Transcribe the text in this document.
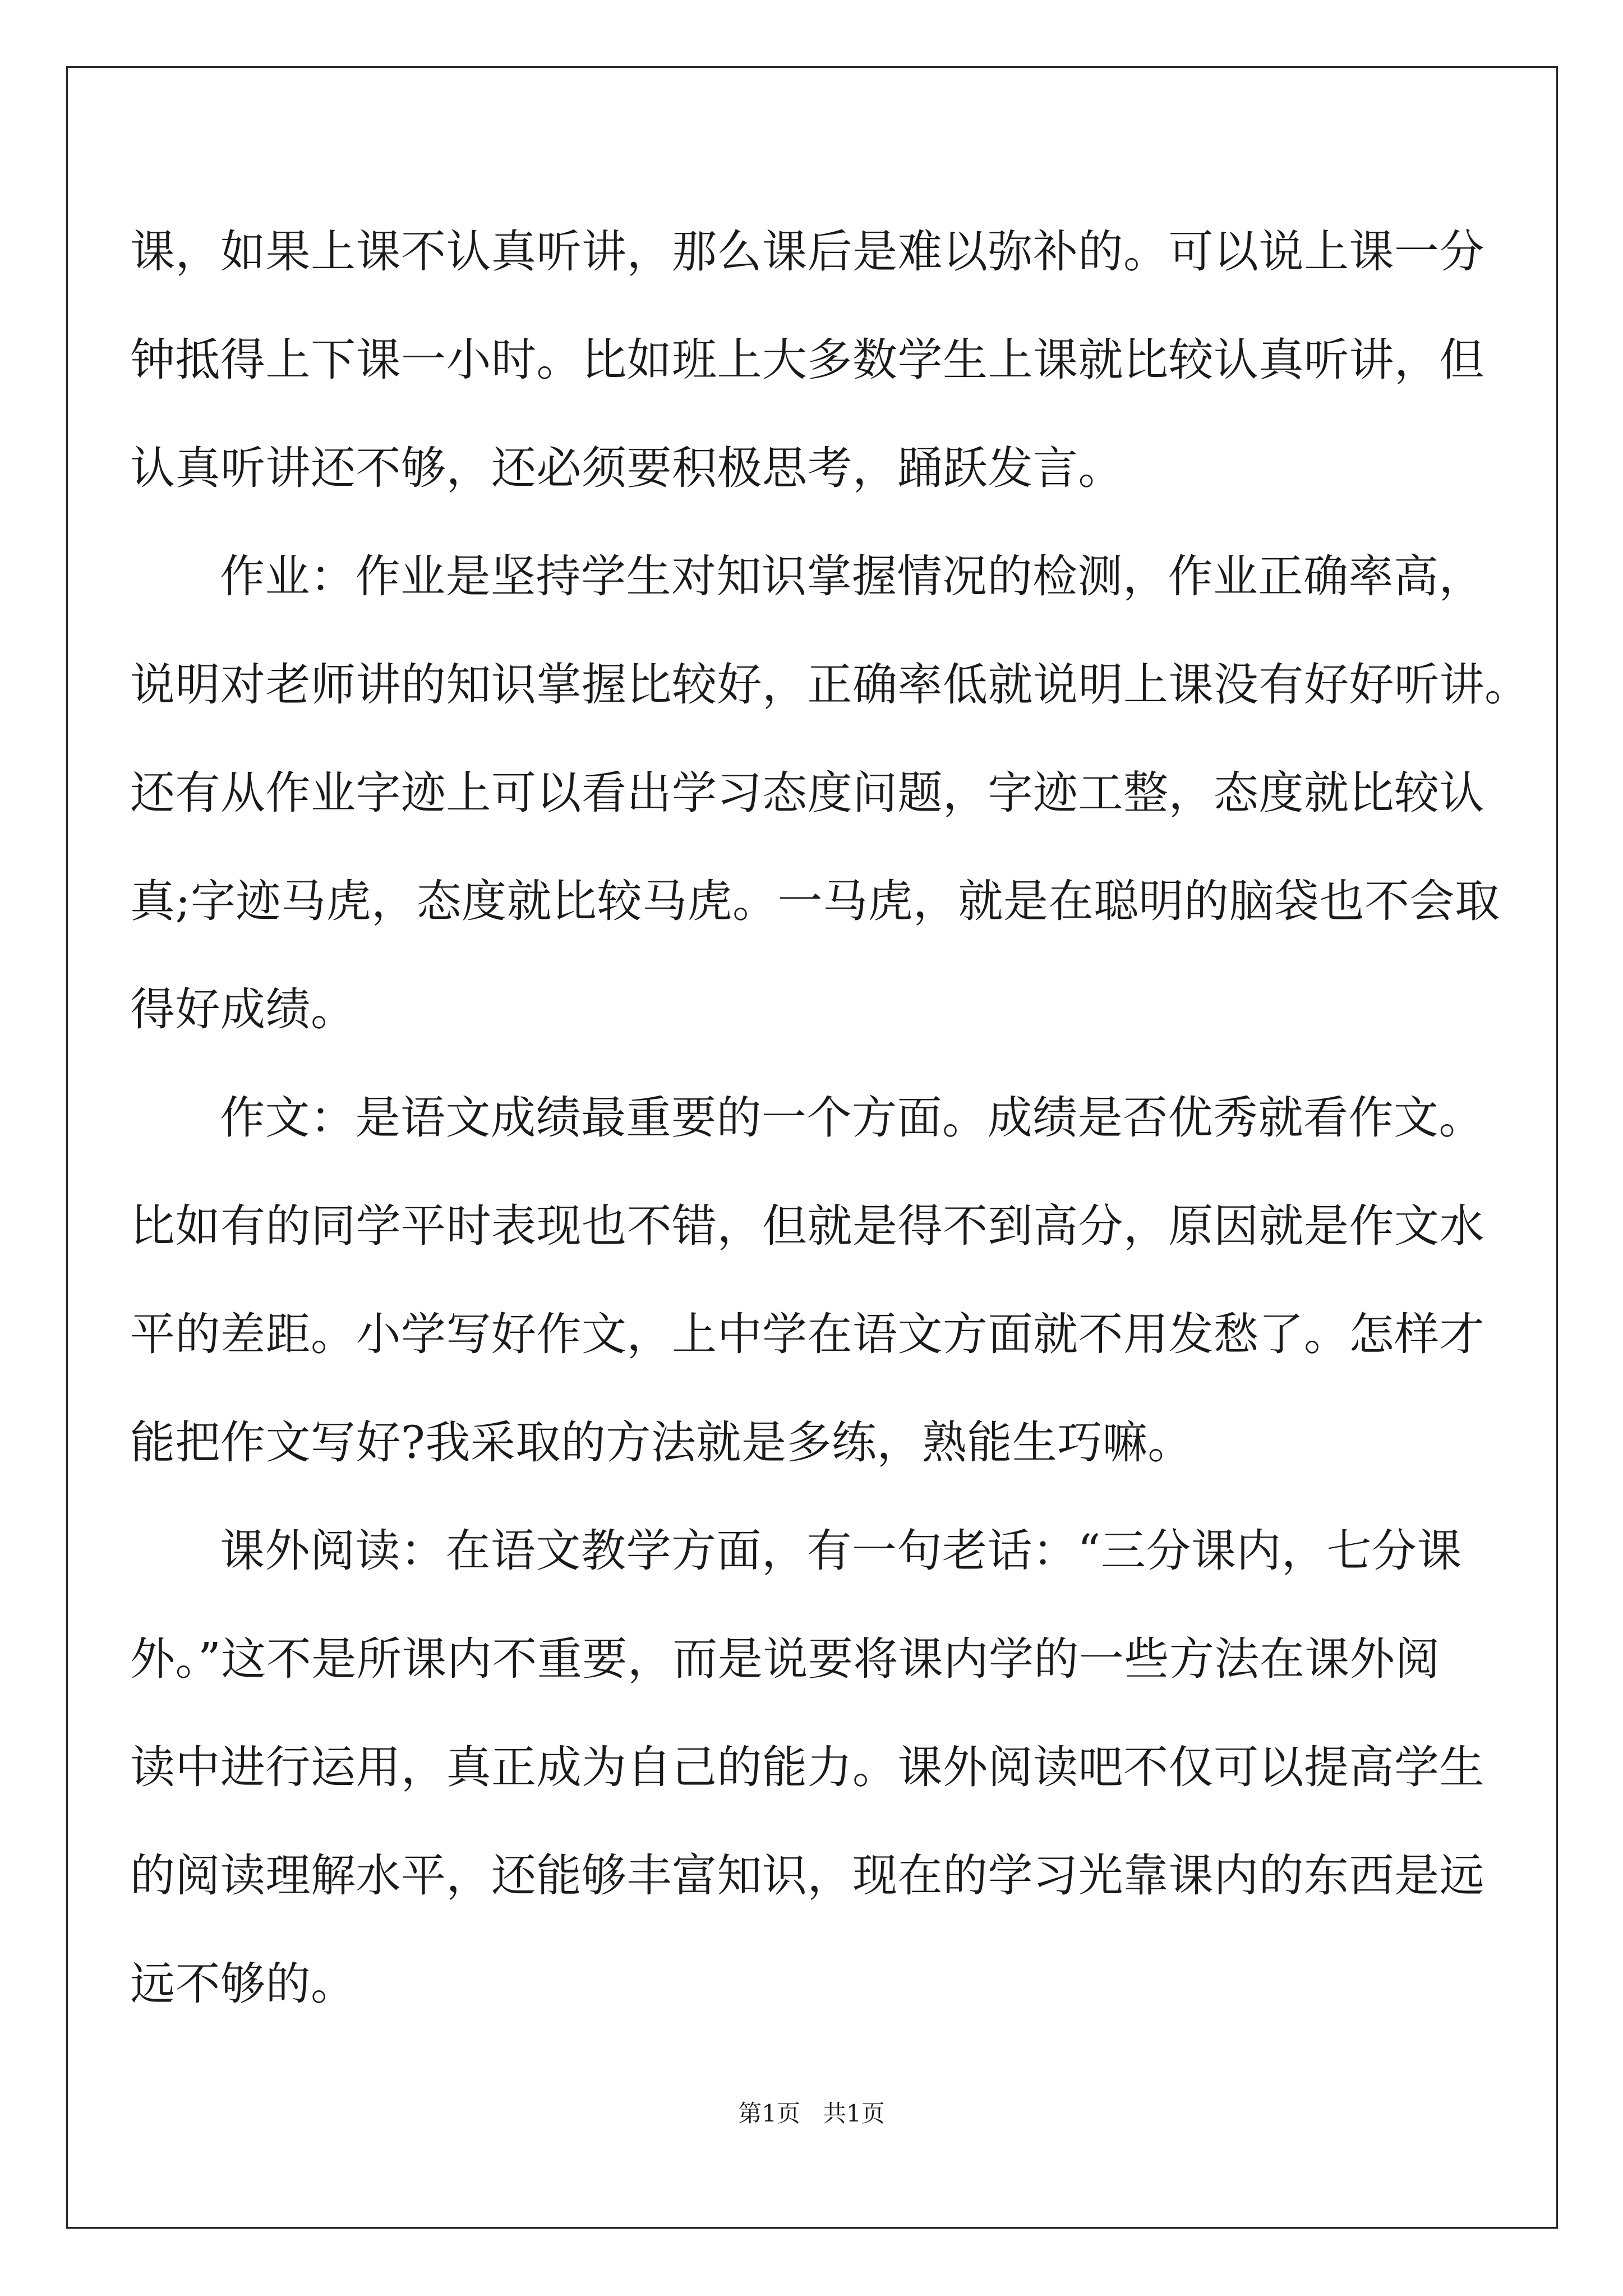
课，如果上课不认真听讲，那么课后是难以弥补的。可以说上课一分
钟抵得上下课一小时。比如班上大多数学生上课就比较认真听讲，但
认真听讲还不够，还必须要积极思考，踊跃发言。
作业：作业是坚持学生对知识掌握情况的检测，作业正确率高，
说明对老师讲的知识掌握比较好，正确率低就说明上课没有好好听讲。
还有从作业字迹上可以看出学习态度问题，字迹工整，态度就比较认
真;字迹马虎，态度就比较马虎。一马虎，就是在聪明的脑袋也不会取
得好成绩。
作文：是语文成绩最重要的一个方面。成绩是否优秀就看作文。
比如有的同学平时表现也不错，但就是得不到高分，原因就是作文水
平的差距。小学写好作文，上中学在语文方面就不用发愁了。怎样才
能把作文写好?我采取的方法就是多练，熟能生巧嘛。
课外阅读：在语文教学方面，有一句老话：“三分课内，七分课
外。”这不是所课内不重要，而是说要将课内学的一些方法在课外阅
读中进行运用，真正成为自己的能力。课外阅读吧不仅可以提高学生
的阅读理解水平，还能够丰富知识，现在的学习光靠课内的东西是远
远不够的。
第1页   共1页
